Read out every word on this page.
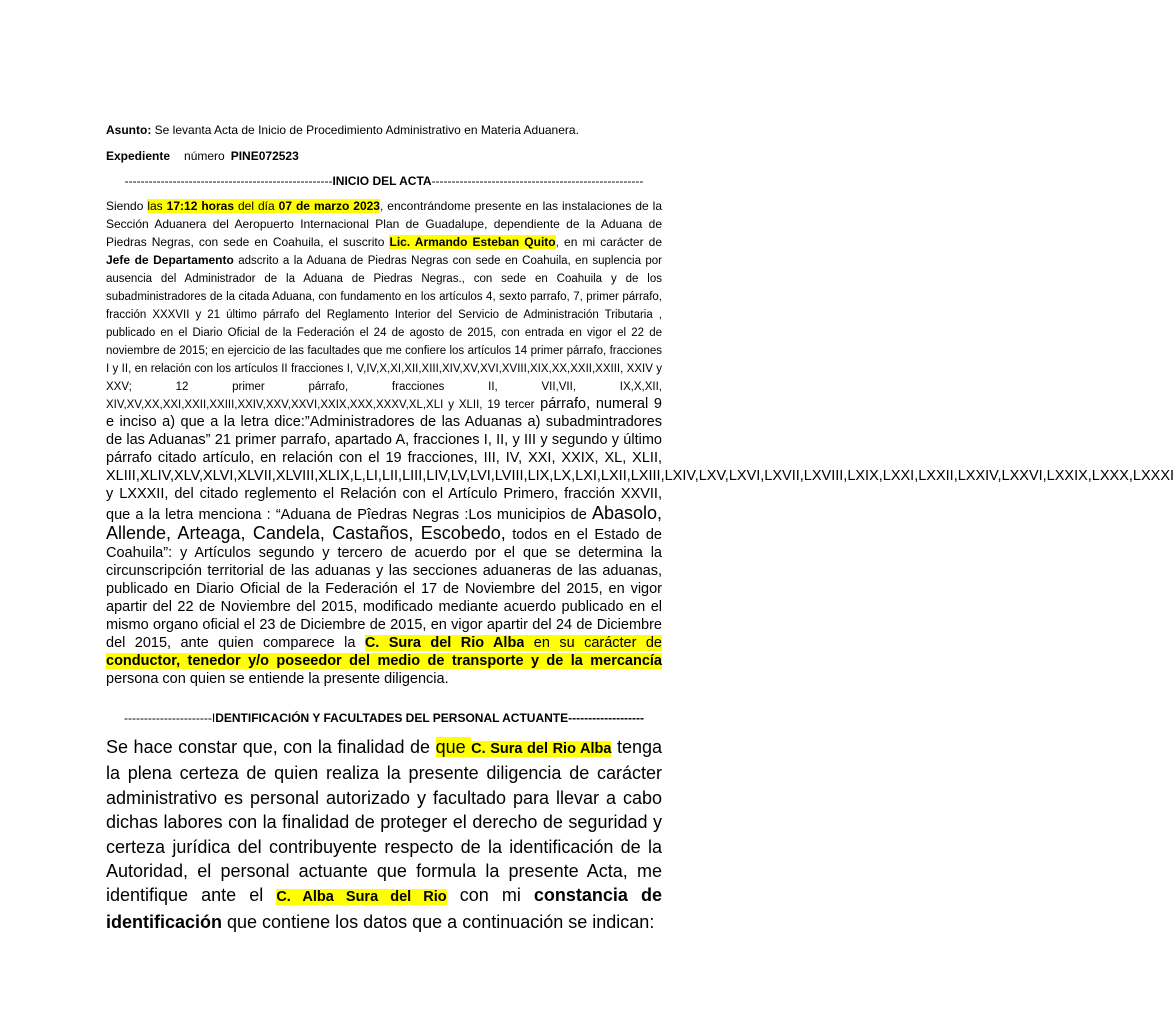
Asunto: Se levanta Acta de Inicio de Procedimiento Administrativo en Materia Aduanera.

Expediente número PINE072523

----------------------------------------------------INICIO DEL ACTA-----------------------------------------------------

Siendo las 17:12 horas del día 07 de marzo 2023, encontrándome presente en las instalaciones de la Sección Aduanera del Aeropuerto Internacional Plan de Guadalupe, dependiente de la Aduana de Piedras Negras, con sede en Coahuila, el suscrito Lic. Armando Esteban Quito, en mi carácter de Jefe de Departamento adscrito a la Aduana de Piedras Negras con sede en Coahuila, en suplencia por ausencia del Administrador de la Aduana de Piedras Negras., con sede en Coahuila y de los subadministradores de la citada Aduana, con fundamento en los artículos 4, sexto parrafo, 7, primer párrafo, fracción XXXVII y 21 último párrafo del Reglamento Interior del Servicio de Administración Tributaria , publicado en el Diario Oficial de la Federación el 24 de agosto de 2015, con entrada en vigor el 22 de noviembre de 2015; en ejercicio de las facultades que me confiere los artículos 14 primer párrafo, fracciones I y II, en relación con los artículos II fracciones I, V,IV,X,XI,XII,XIII,XIV,XV,XVI,XVIII,XIX,XX,XXII,XXIII, XXIV y XXV; 12 primer párrafo, fracciones II, VII,VII, IX,X,XII, XIV,XV,XX,XXI,XXII,XXIII,XXIV,XXV,XXVI,XXIX,XXX,XXXV,XL,XLI y XLII, 19 tercer párrafo, numeral 9 e inciso a) que a la letra dice:”Administradores de las Aduanas a) subadmintradores de las Aduanas” 21 primer parrafo, apartado A, fracciones I, II, y III y segundo y último párrafo citado artículo, en relación con el 19 fracciones, III, IV, XXI, XXIX, XL, XLII, XLIII,XLIV,XLV,XLVI,XLVII,XLVIII,XLIX,L,LI,LII,LIII,LIV,LV,LVI,LVIII,LIX,LX,LXI,LXII,LXIII,LXIV,LXV,LXVI,LXVII,LXVIII,LXIX,LXXI,LXXII,LXXIV,LXXVI,LXXIX,LXXX,LXXXI y LXXXII, del citado reglemento el Relación con el Artículo Primero, fracción XXVII, que a la letra menciona : “Aduana de Pîedras Negras :Los municipios de Abasolo, Allende, Arteaga, Candela, Castaños, Escobedo, todos en el Estado de Coahuila”: y Artículos segundo y tercero de acuerdo por el que se determina la circunscripción territorial de las aduanas y las secciones aduaneras de las aduanas, publicado en Diario Oficial de la Federación el 17 de Noviembre del 2015, en vigor apartir del 22 de Noviembre del 2015, modificado mediante acuerdo publicado en el mismo organo oficial el 23 de Diciembre de 2015, en vigor apartir del 24 de Diciembre del 2015, ante quien comparece la C. Sura del Rio Alba en su carácter de conductor, tenedor y/o poseedor del medio de transporte y de la mercancía persona con quien se entiende la presente diligencia.

----------------------IDENTIFICACIÓN Y FACULTADES DEL PERSONAL ACTUANTE-------------------

Se hace constar que, con la finalidad de que C. Sura del Rio Alba tenga la plena certeza de quien realiza la presente diligencia de carácter administrativo es personal autorizado y facultado para llevar a cabo dichas labores con la finalidad de proteger el derecho de seguridad y certeza jurídica del contribuyente respecto de la identificación de la Autoridad, el personal actuante que formula la presente Acta, me identifique ante el C. Alba Sura del Rio con mi constancia de identificación que contiene los datos que a continuación se indican:
